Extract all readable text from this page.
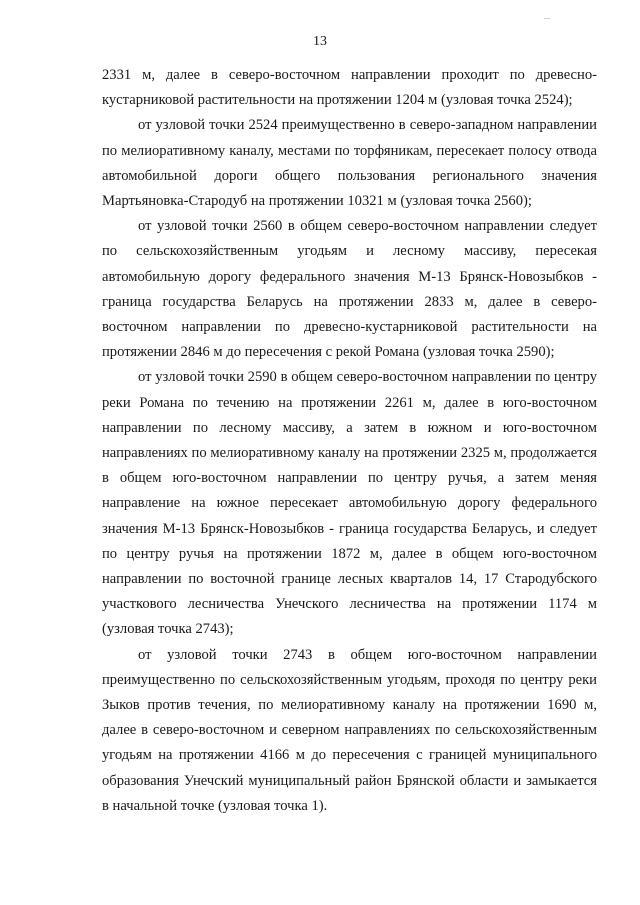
13

2331 м, далее в северо-восточном направлении проходит по древесно-кустарниковой растительности на протяжении 1204 м (узловая точка 2524);

от узловой точки 2524 преимущественно в северо-западном направлении по мелиоративному каналу, местами по торфяникам, пересекает полосу отвода автомобильной дороги общего пользования регионального значения Мартьяновка-Стародуб на протяжении 10321 м (узловая точка 2560);

от узловой точки 2560 в общем северо-восточном направлении следует по сельскохозяйственным угодьям и лесному массиву, пересекая автомобильную дорогу федерального значения М-13 Брянск-Новозыбков - граница государства Беларусь на протяжении 2833 м, далее в северо-восточном направлении по древесно-кустарниковой растительности на протяжении 2846 м до пересечения с рекой Романа (узловая точка 2590);

от узловой точки 2590 в общем северо-восточном направлении по центру реки Романа по течению на протяжении 2261 м, далее в юго-восточном направлении по лесному массиву, а затем в южном и юго-восточном направлениях по мелиоративному каналу на протяжении 2325 м, продолжается в общем юго-восточном направлении по центру ручья, а затем меняя направление на южное пересекает автомобильную дорогу федерального значения М-13 Брянск-Новозыбков - граница государства Беларусь, и следует по центру ручья на протяжении 1872 м, далее в общем юго-восточном направлении по восточной границе лесных кварталов 14, 17 Стародубского участкового лесничества Унечского лесничества на протяжении 1174 м (узловая точка 2743);

от узловой точки 2743 в общем юго-восточном направлении преимущественно по сельскохозяйственным угодьям, проходя по центру реки Зыков против течения, по мелиоративному каналу на протяжении 1690 м, далее в северо-восточном и северном направлениях по сельскохозяйственным угодьям на протяжении 4166 м до пересечения с границей муниципального образования Унечский муниципальный район Брянской области и замыкается в начальной точке (узловая точка 1).
